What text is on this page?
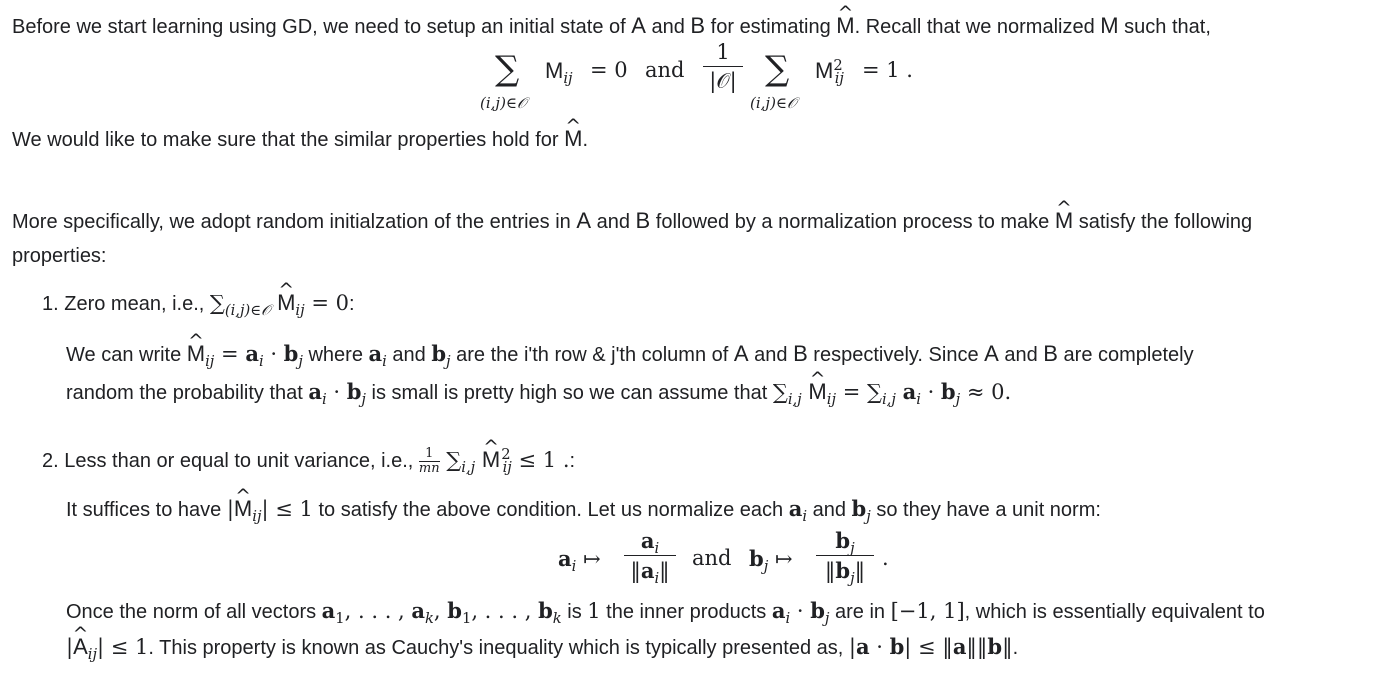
Before we start learning using GD, we need to setup an initial state of A and B for estimating ^ M. Recall that we normalized M such that,
∑
(i,j)∈𝒪
$M_{ij} = 0$ and
1
|𝒪| ∑
(i,j)∈𝒪
$M^2_{ij} = 1$ .
We would like to make sure that the similar properties hold for ^ M.
More specifically, we adopt random initialzation of the entries in A and B followed by a normalization process to make ^ M satisfy the following
properties:
1. Zero mean, i.e., $\sum_{(i,j)\in 𝒪}$ ^ $M_{ij} = 0$:
We can write ^ $M_{ij} = a_i \cdot b_j$ where $a_i$ and $b_j$ are the i'th row & j'th column of A and B respectively. Since A and B are completely
random the probability that $a_i \cdot b_j$ is small is pretty high so we can assume that $\sum_{i,j}$ ^ $M_{ij} = \sum_{i,j}$ $a_i \cdot b_j \approx 0$.
2. Less than or equal to unit variance, i.e., $\frac{1}{mn} \sum_{i,j}$ ^ $M^2_{ij} \le 1$ .:
It suffices to have |^ $M_{ij}| \le 1$ to satisfy the above condition. Let us normalize each $a_i$ and $b_j$ so they have a unit norm:
$a_i$ ↦
$a_i$
$‖a_i‖$
and $b_j$ ↦
$b_j$
$‖b_j‖$
.
Once the norm of all vectors $a_1$, . . . , $a_k$, $b_1$, . . . , $b_k$ is 1 the inner products $a_i \cdot b_j$ are in [−1, 1], which is essentially equivalent to
|^ $A_{ij}| \le 1$. This property is known as Cauchy's inequality which is typically presented as, |a · b| ≤ ‖a‖‖b‖.
